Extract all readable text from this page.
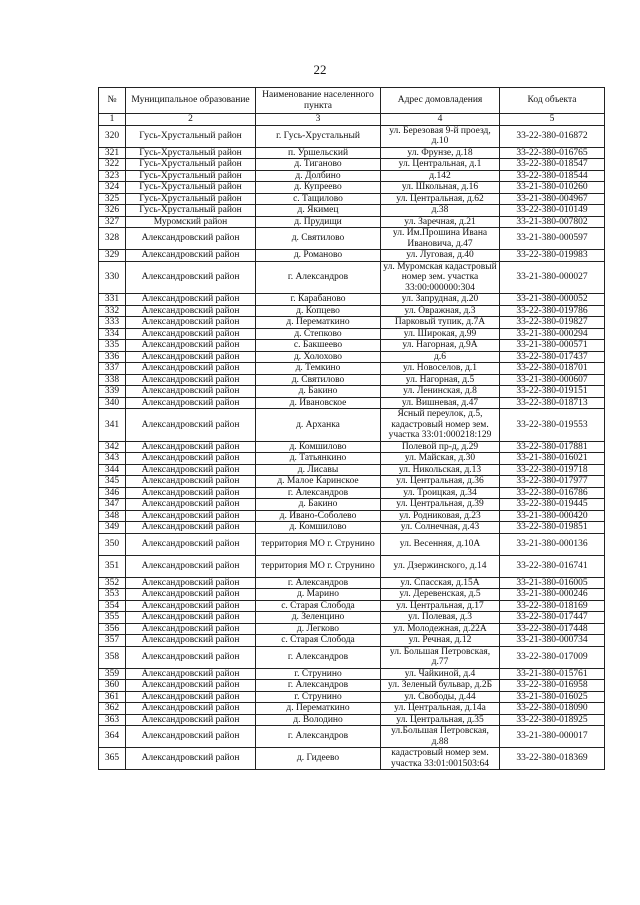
22
№	Муниципальное образование	Наименование населенного пункта	Адрес домовладения	Код объекта
1	2	3	4	5
320	Гусь-Хрустальный район	г. Гусь-Хрустальный	ул. Березовая 9-й проезд, д.10	33-22-380-016872
321	Гусь-Хрустальный район	п. Уршельский	ул. Фрунзе, д.18	33-22-380-016765
322	Гусь-Хрустальный район	д. Тиганово	ул. Центральная, д.1	33-22-380-018547
323	Гусь-Хрустальный район	д. Долбино	д.142	33-22-380-018544
324	Гусь-Хрустальный район	д. Купреево	ул. Школьная, д.16	33-21-380-010260
325	Гусь-Хрустальный район	с. Тащилово	ул. Центральная, д.62	33-21-380-004967
326	Гусь-Хрустальный район	д. Якимец	д.38	33-22-380-010149
327	Муромский район	д. Прудищи	ул. Заречная, д.21	33-21-380-007802
328	Александровский район	д. Святилово	ул. Им.Прошина Ивана Ивановича, д.47	33-21-380-000597
329	Александровский район	д. Романово	ул. Луговая, д.40	33-22-380-019983
330	Александровский район	г. Александров	ул. Муромская кадастровый номер зем. участка 33:00:000000:304	33-21-380-000027
331	Александровский район	г. Карабаново	ул. Запрудная, д.20	33-21-380-000052
332	Александровский район	д. Копцево	ул. Овражная, д.3	33-22-380-019786
333	Александровский район	д. Перематкино	Парковый тупик, д.7А	33-22-380-019827
334	Александровский район	д. Степково	ул. Широкая, д.99	33-21-380-000294
335	Александровский район	с. Бакшеево	ул. Нагорная, д.9А	33-21-380-000571
336	Александровский район	д. Холохово	д.6	33-22-380-017437
337	Александровский район	д. Темкино	ул. Новоселов, д.1	33-22-380-018701
338	Александровский район	д. Святилово	ул. Нагорная, д.5	33-21-380-000607
339	Александровский район	д. Бакино	ул. Ленинская, д.8	33-22-380-019151
340	Александровский район	д. Ивановское	ул. Вишневая, д.47	33-22-380-018713
341	Александровский район	д. Арханка	Ясный переулок, д.5, кадастровый номер зем. участка 33:01:000218:129	33-22-380-019553
342	Александровский район	д. Комшилово	Полевой пр-д, д.29	33-22-380-017881
343	Александровский район	д. Татьянкино	ул. Майская, д.30	33-21-380-016021
344	Александровский район	д. Лисавы	ул. Никольская, д.13	33-22-380-019718
345	Александровский район	д. Малое Каринское	ул. Центральная, д.36	33-22-380-017977
346	Александровский район	г. Александров	ул. Троицкая, д.34	33-22-380-016786
347	Александровский район	д. Бакино	ул. Центральная, д.39	33-22-380-019445
348	Александровский район	д. Ивано-Соболево	ул. Родниковая, д.23	33-21-380-000420
349	Александровский район	д. Комшилово	ул. Солнечная, д.43	33-22-380-019851
350	Александровский район	территория МО г. Струнино	ул. Весенняя, д.10А	33-21-380-000136
351	Александровский район	территория МО г. Струнино	ул. Дзержинского, д.14	33-22-380-016741
352	Александровский район	г. Александров	ул. Спасская, д.15А	33-21-380-016005
353	Александровский район	д. Марино	ул. Деревенская, д.5	33-21-380-000246
354	Александровский район	с. Старая Слобода	ул. Центральная, д.17	33-22-380-018169
355	Александровский район	д. Зеленцино	ул. Полевая, д.3	33-22-380-017447
356	Александровский район	д. Легково	ул. Молодежная, д.22А	33-22-380-017448
357	Александровский район	с. Старая Слобода	ул. Речная, д.12	33-21-380-000734
358	Александровский район	г. Александров	ул. Большая Петровская, д.77	33-22-380-017009
359	Александровский район	г. Струнино	ул. Чайкиной, д.4	33-21-380-015761
360	Александровский район	г. Александров	ул. Зеленый бульвар, д.2Б	33-22-380-016958
361	Александровский район	г. Струнино	ул. Свободы, д.44	33-21-380-016025
362	Александровский район	д. Перематкино	ул. Центральная, д.14а	33-22-380-018090
363	Александровский район	д. Володино	ул. Центральная, д.35	33-22-380-018925
364	Александровский район	г. Александров	ул.Большая Петровская, д.88	33-21-380-000017
365	Александровский район	д. Гидеево	кадастровый номер зем. участка 33:01:001503:64	33-22-380-018369
